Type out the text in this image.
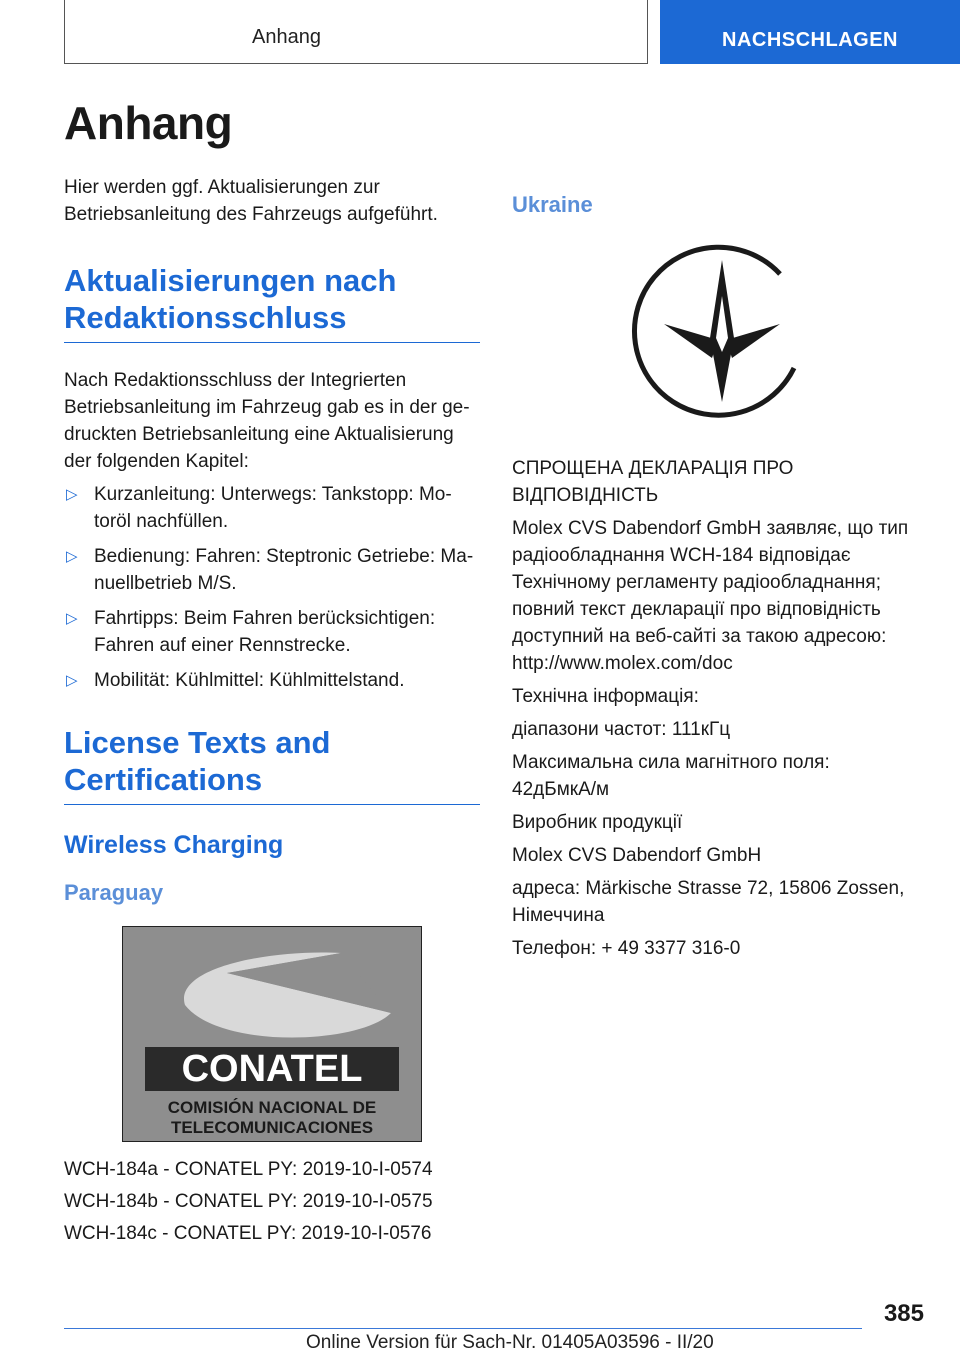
Anhang	NACHSCHLAGEN
Anhang

Hier werden ggf. Aktualisierungen zur Betriebsanleitung des Fahrzeugs aufgeführt.

Aktualisierungen nach Redaktionsschluss

Nach Redaktionsschluss der Integrierten Betriebsanleitung im Fahrzeug gab es in der gedruckten Betriebsanleitung eine Aktualisierung der folgenden Kapitel:

▷ Kurzanleitung: Unterwegs: Tankstopp: Motoröl nachfüllen.
▷ Bedienung: Fahren: Steptronic Getriebe: Manuellbetrieb M/S.
▷ Fahrtipps: Beim Fahren berücksichtigen: Fahren auf einer Rennstrecke.
▷ Mobilität: Kühlmittel: Kühlmittelstand.
License Texts and Certifications
Wireless Charging
Paraguay
CONATEL
COMISIÓN NACIONAL DE
TELECOMUNICACIONES

WCH-184a - CONATEL PY: 2019-10-I-0574

WCH-184b - CONATEL PY: 2019-10-I-0575

WCH-184c - CONATEL PY: 2019-10-I-0576

Ukraine

СПРОЩЕНА ДЕКЛАРАЦІЯ ПРО ВІДПОВІДНІСТЬ

Molex CVS Dabendorf GmbH заявляє, що тип радіообладнання WCH-184 відповідає Технічному регламенту радіообладнання; повний текст декларації про відповідність доступний на веб-сайті за такою адресою: http://www.molex.com/doc

Технічна інформація:

діапазони частот: 111кГц

Максимальна сила магнітного поля: 42дБмкА/м

Виробник продукції

Molex CVS Dabendorf GmbH

адреса: Märkische Strasse 72, 15806 Zossen, Німеччина

Телефон: + 49 3377 316-0

385
Online Version für Sach-Nr. 01405A03596 - II/20
